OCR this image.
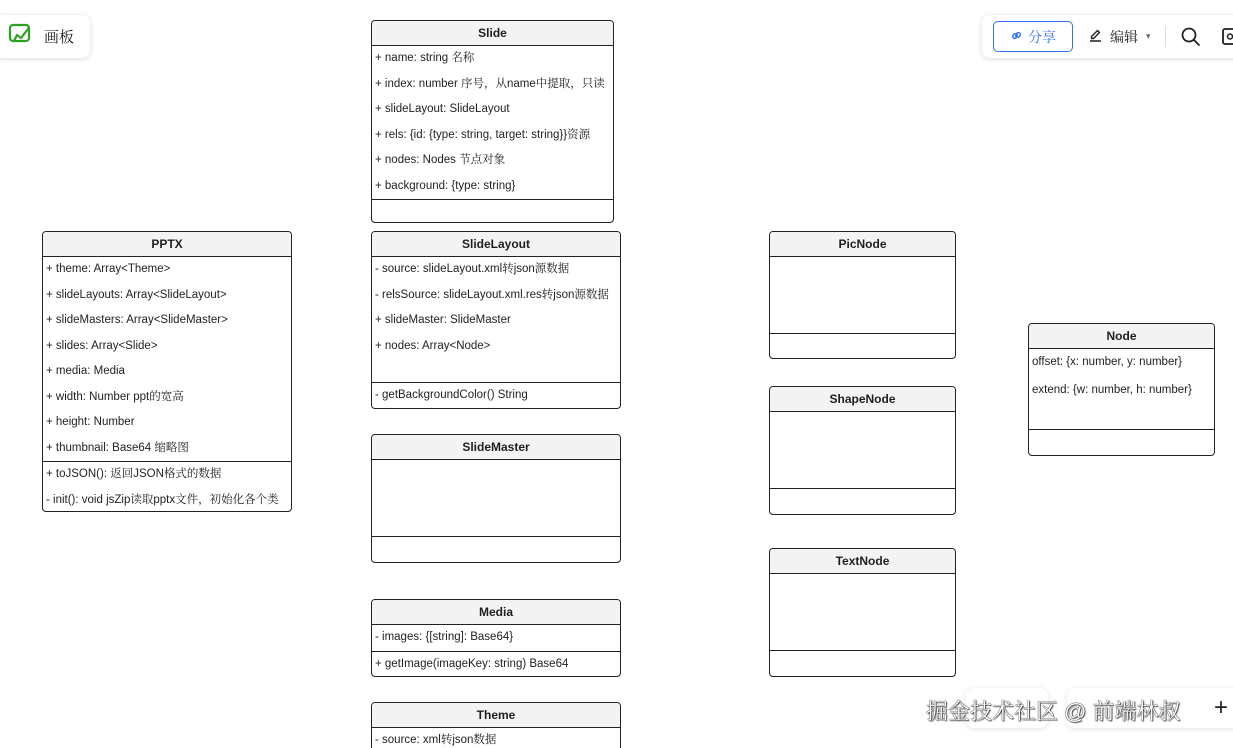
画板	Slide
+ name: string 名称
+ index: number 序号，从name中提取，只读
+ slideLayout: SlideLayout
+ rels: {id: {type: string, target: string}}资源
+ nodes: Nodes 节点对象
+ background: {type: string}
PPTX
+ theme: Array<Theme>
+ slideLayouts: Array<SlideLayout>
+ slideMasters: Array<SlideMaster>
+ slides: Array<Slide>
+ media: Media
+ width: Number ppt的宽高
+ height: Number
+ thumbnail: Base64 缩略图
+ toJSON(): 返回JSON格式的数据
- init(): void jsZip读取pptx文件，初始化各个类
SlideLayout
- source: slideLayout.xml转json源数据
- relsSource: slideLayout.xml.res转json源数据
+ slideMaster: SlideMaster
+ nodes: Array<Node>
- getBackgroundColor() String
SlideMaster
Media
- images: {[string]: Base64}
+ getImage(imageKey: string) Base64
Theme
- source: xml转json数据
PicNode
ShapeNode
TextNode
Node
offset: {x: number, y: number}
extend: {w: number, h: number}
分享	编辑 ▾
掘金技术社区 @ 前端林叔 +
